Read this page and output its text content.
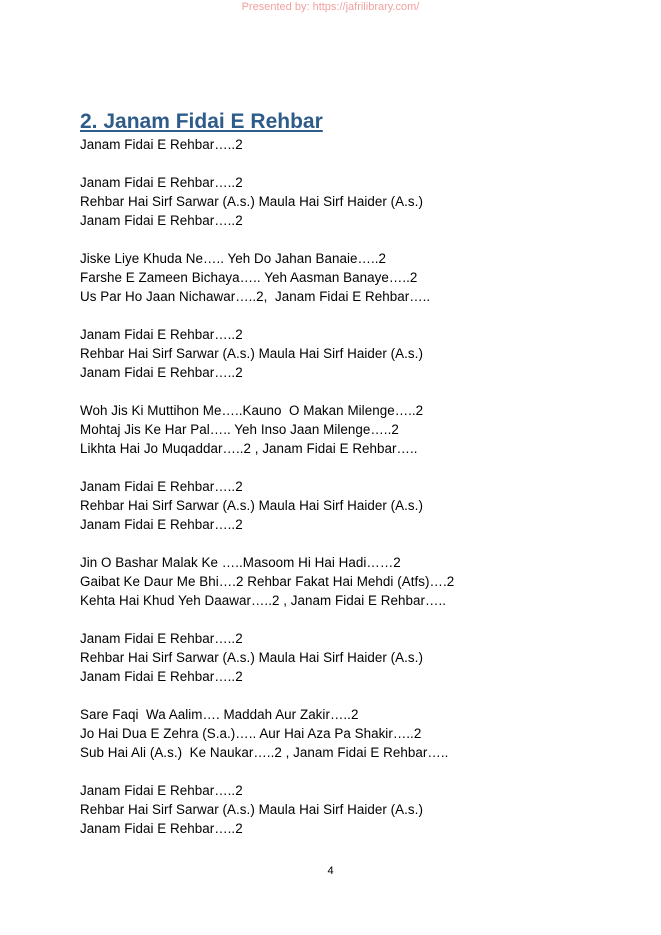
Presented by: https://jafrilibrary.com/
2. Janam Fidai E Rehbar
Janam Fidai E Rehbar…..2
Janam Fidai E Rehbar…..2
Rehbar Hai Sirf Sarwar (A.s.) Maula Hai Sirf Haider (A.s.)
Janam Fidai E Rehbar…..2
Jiske Liye Khuda Ne….. Yeh Do Jahan Banaie…..2
Farshe E Zameen Bichaya….. Yeh Aasman Banaye…..2
Us Par Ho Jaan Nichawar…..2,  Janam Fidai E Rehbar…..
Janam Fidai E Rehbar…..2
Rehbar Hai Sirf Sarwar (A.s.) Maula Hai Sirf Haider (A.s.)
Janam Fidai E Rehbar…..2
Woh Jis Ki Muttihon Me…..Kauno  O Makan Milenge…..2
Mohtaj Jis Ke Har Pal….. Yeh Inso Jaan Milenge…..2
Likhta Hai Jo Muqaddar…..2 , Janam Fidai E Rehbar…..
Janam Fidai E Rehbar…..2
Rehbar Hai Sirf Sarwar (A.s.) Maula Hai Sirf Haider (A.s.)
Janam Fidai E Rehbar…..2
Jin O Bashar Malak Ke …..Masoom Hi Hai Hadi……2
Gaibat Ke Daur Me Bhi….2 Rehbar Fakat Hai Mehdi (Atfs)….2
Kehta Hai Khud Yeh Daawar…..2 , Janam Fidai E Rehbar…..
Janam Fidai E Rehbar…..2
Rehbar Hai Sirf Sarwar (A.s.) Maula Hai Sirf Haider (A.s.)
Janam Fidai E Rehbar…..2
Sare Faqi  Wa Aalim…. Maddah Aur Zakir…..2
Jo Hai Dua E Zehra (S.a.)….. Aur Hai Aza Pa Shakir…..2
Sub Hai Ali (A.s.)  Ke Naukar…..2 , Janam Fidai E Rehbar…..
Janam Fidai E Rehbar…..2
Rehbar Hai Sirf Sarwar (A.s.) Maula Hai Sirf Haider (A.s.)
Janam Fidai E Rehbar…..2
4
